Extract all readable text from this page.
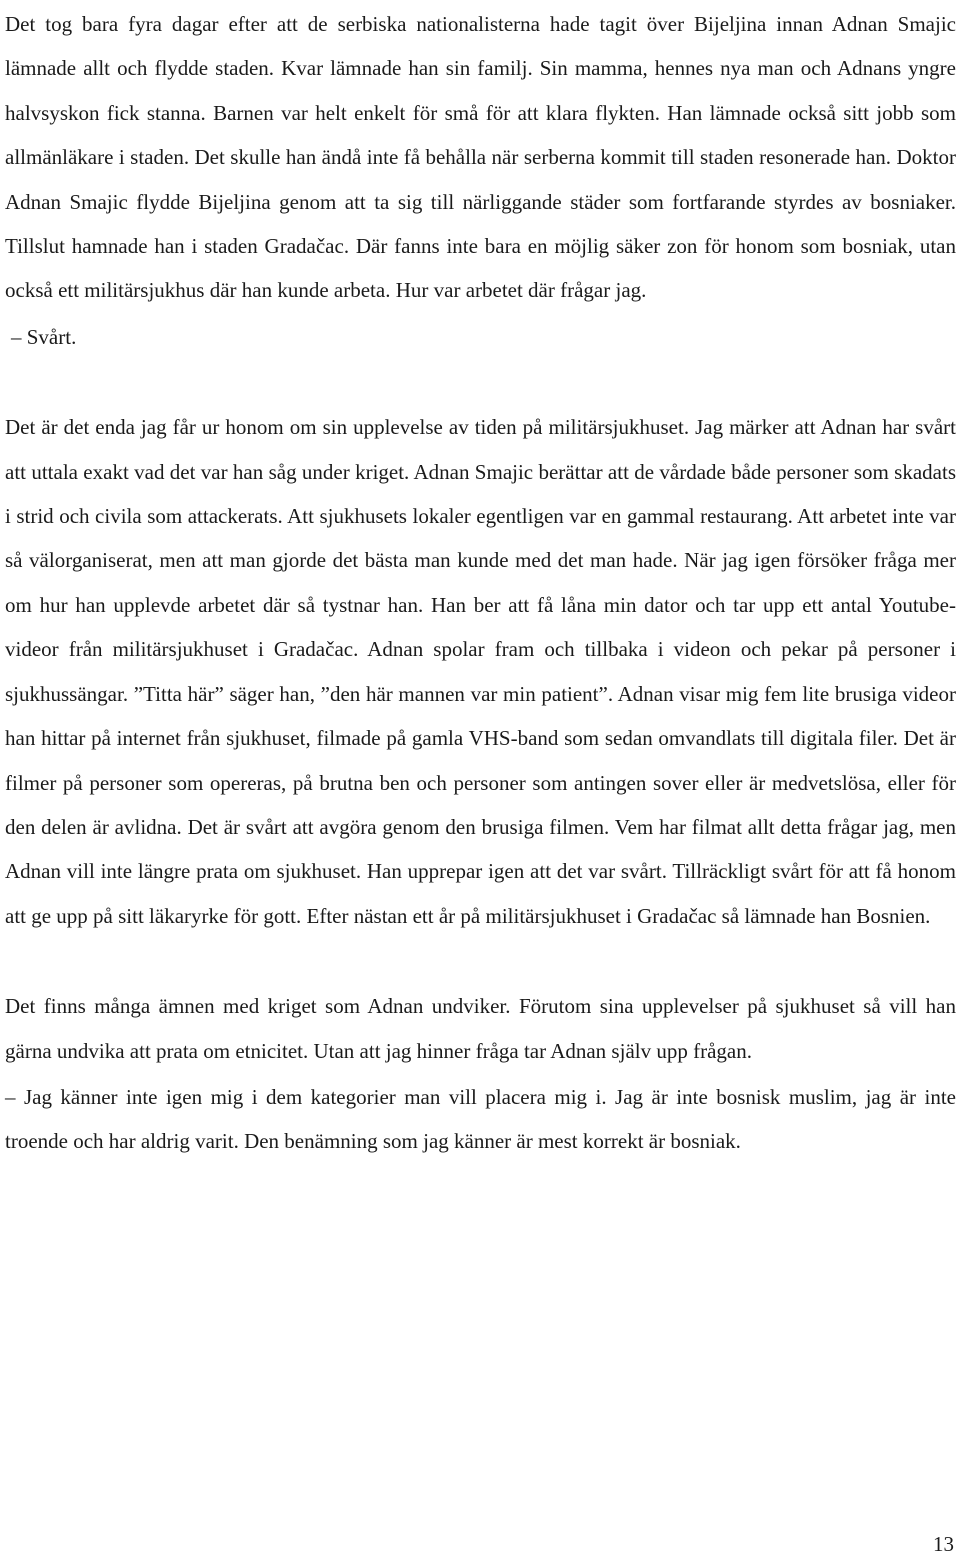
Det tog bara fyra dagar efter att de serbiska nationalisterna hade tagit över Bijeljina innan Adnan Smajic lämnade allt och flydde staden. Kvar lämnade han sin familj. Sin mamma, hennes nya man och Adnans yngre halvsyskon fick stanna. Barnen var helt enkelt för små för att klara flykten. Han lämnade också sitt jobb som allmänläkare i staden. Det skulle han ändå inte få behålla när serberna kommit till staden resonerade han. Doktor Adnan Smajic flydde Bijeljina genom att ta sig till närliggande städer som fortfarande styrdes av bosniaker. Tillslut hamnade han i staden Gradačac. Där fanns inte bara en möjlig säker zon för honom som bosniak, utan också ett militärsjukhus där han kunde arbeta. Hur var arbetet där frågar jag.

– Svårt.

Det är det enda jag får ur honom om sin upplevelse av tiden på militärsjukhuset. Jag märker att Adnan har svårt att uttala exakt vad det var han såg under kriget. Adnan Smajic berättar att de vårdade både personer som skadats i strid och civila som attackerats. Att sjukhusets lokaler egentligen var en gammal restaurang. Att arbetet inte var så välorganiserat, men att man gjorde det bästa man kunde med det man hade. När jag igen försöker fråga mer om hur han upplevde arbetet där så tystnar han. Han ber att få låna min dator och tar upp ett antal Youtube-videor från militärsjukhuset i Gradačac. Adnan spolar fram och tillbaka i videon och pekar på personer i sjukhussängar. ”Titta här” säger han, ”den här mannen var min patient”. Adnan visar mig fem lite brusiga videor han hittar på internet från sjukhuset, filmade på gamla VHS-band som sedan omvandlats till digitala filer. Det är filmer på personer som opereras, på brutna ben och personer som antingen sover eller är medvetslösa, eller för den delen är avlidna. Det är svårt att avgöra genom den brusiga filmen. Vem har filmat allt detta frågar jag, men Adnan vill inte längre prata om sjukhuset. Han upprepar igen att det var svårt. Tillräckligt svårt för att få honom att ge upp på sitt läkaryrke för gott. Efter nästan ett år på militärsjukhuset i Gradačac så lämnade han Bosnien.

Det finns många ämnen med kriget som Adnan undviker. Förutom sina upplevelser på sjukhuset så vill han gärna undvika att prata om etnicitet. Utan att jag hinner fråga tar Adnan själv upp frågan.

– Jag känner inte igen mig i dem kategorier man vill placera mig i. Jag är inte bosnisk muslim, jag är inte troende och har aldrig varit. Den benämning som jag känner är mest korrekt är bosniak.

13
